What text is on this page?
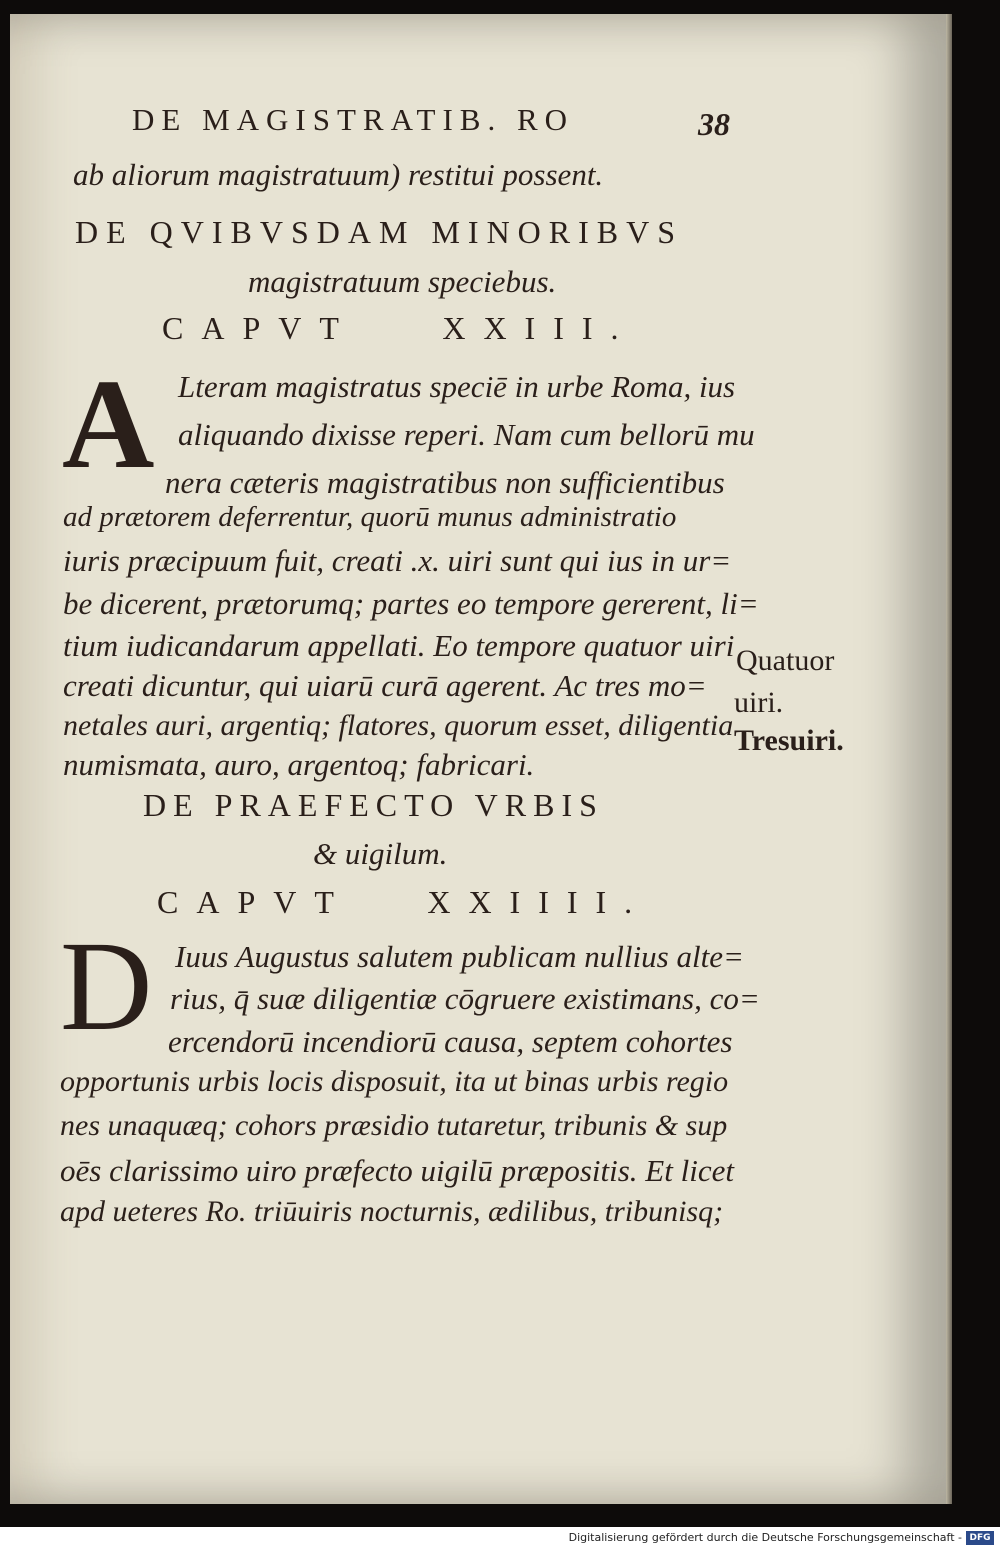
DE MAGISTRATIB. RO	38
ab aliorum magistratuum) restitui possent.
DE QVIBVSDAM MINORIBVS
magistratuum speciebus.
CAPVT XXIII.
A Lteram magistratus speciē in urbe Roma, ius
aliquando dixisse reperi. Nam cum bellorū mu
nera cæteris magistratibus non sufficientibus
ad prætorem deferrentur, quorū munus administratio
iuris præcipuum fuit, creati .x. uiri sunt qui ius in ur=
be dicerent, prætorumq; partes eo tempore gererent, li=
tium iudicandarum appellati. Eo tempore quatuor uiri
creati dicuntur, qui uiarū curā agerent. Ac tres mo=
netales auri, argentiq; flatores, quorum esset, diligentia
numismata, auro, argentoq; fabricari.
Quatuor
uiri.
Tresuiri.
DE PRAEFECTO VRBIS
& uigilum.
CAPVT XXIIII.
D Iuus Augustus salutem publicam nullius alte=
rius, q̄ suæ diligentiæ cōgruere existimans, co=
ercendorū incendiorū causa, septem cohortes
opportunis urbis locis disposuit, ita ut binas urbis regio
nes unaquæq; cohors præsidio tutaretur, tribunis & sup
oēs clarissimo uiro præfecto uigilū præpositis. Et licet
apd ueteres Ro. triūuiris nocturnis, ædilibus, tribunisq;
Digitalisierung gefördert durch die Deutsche Forschungsgemeinschaft - DFG
